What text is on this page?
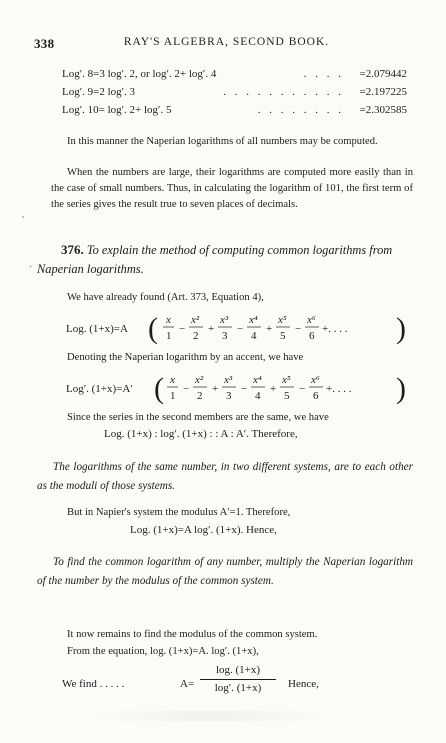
338	RAY'S ALGEBRA, SECOND BOOK.
Log′. 8=3 log′. 2, or log′. 2+ log′. 4	. . . . =2.079442
Log′. 9=2 log′. 3	. . . . . . . . . . . =2.197225
Log′. 10= log′. 2+ log′. 5	. . . . . . . . =2.302585
In this manner the Naperian logarithms of all numbers may be computed.
When the numbers are large, their logarithms are computed more easily than in the case of small numbers. Thus, in calculating the logarithm of 101, the first term of the series gives the result true to seven places of decimals.
′
376. To explain the method of computing common logarithms from Naperian logarithms.
·
We have already found (Art. 373, Equation 4),
Log. (1+x)=A ( x
1
−
x²
2
+
x³
3
−
x⁴
4
+
x⁵
5
−
x⁶
6
+. . . . )
Denoting the Naperian logarithm by an accent, we have
Log′. (1+x)=A′ ( x
1
−
x²
2
+
x³
3
−
x⁴
4
+
x⁵
5
−
x⁶
6
+. . . . )
Since the series in the second members are the same, we have
Log. (1+x) : log′. (1+x) : : A : A′. Therefore,
The logarithms of the same number, in two different systems, are to each other as the moduli of those systems.
But in Napier's system the modulus A′=1. Therefore,
Log. (1+x)=A log′. (1+x). Hence,
To find the common logarithm of any number, multiply the Naperian logarithm of the number by the modulus of the common system.
It now remains to find the modulus of the common system.
From the equation, log. (1+x)=A. log′. (1+x),
We find . . . . .	A=
log. (1+x)
log′. (1+x)	Hence,
